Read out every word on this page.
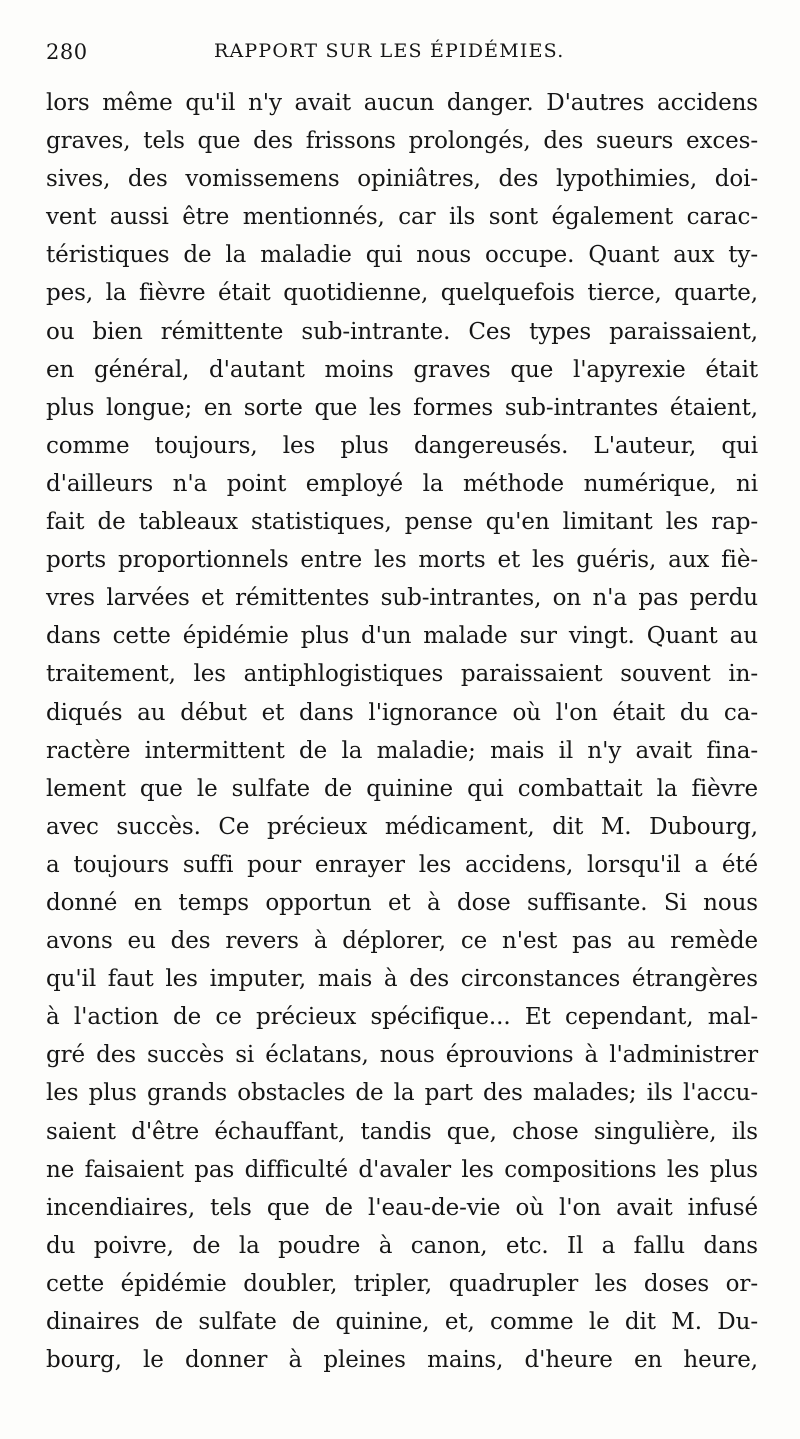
280	RAPPORT SUR LES ÉPIDÉMIES.
lors même qu'il n'y avait aucun danger. D'autres accidens
graves, tels que des frissons prolongés, des sueurs exces-
sives, des vomissemens opiniâtres, des lypothimies, doi-
vent aussi être mentionnés, car ils sont également carac-
téristiques de la maladie qui nous occupe. Quant aux ty-
pes, la fièvre était quotidienne, quelquefois tierce, quarte,
ou bien rémittente sub-intrante. Ces types paraissaient,
en général, d'autant moins graves que l'apyrexie était
plus longue; en sorte que les formes sub-intrantes étaient,
comme toujours, les plus dangereusés. L'auteur, qui
d'ailleurs n'a point employé la méthode numérique, ni
fait de tableaux statistiques, pense qu'en limitant les rap-
ports proportionnels entre les morts et les guéris, aux fiè-
vres larvées et rémittentes sub-intrantes, on n'a pas perdu
dans cette épidémie plus d'un malade sur vingt. Quant au
traitement, les antiphlogistiques paraissaient souvent in-
diqués au début et dans l'ignorance où l'on était du ca-
ractère intermittent de la maladie; mais il n'y avait fina-
lement que le sulfate de quinine qui combattait la fièvre
avec succès. Ce précieux médicament, dit M. Dubourg,
a toujours suffi pour enrayer les accidens, lorsqu'il a été
donné en temps opportun et à dose suffisante. Si nous
avons eu des revers à déplorer, ce n'est pas au remède
qu'il faut les imputer, mais à des circonstances étrangères
à l'action de ce précieux spécifique... Et cependant, mal-
gré des succès si éclatans, nous éprouvions à l'administrer
les plus grands obstacles de la part des malades; ils l'accu-
saient d'être échauffant, tandis que, chose singulière, ils
ne faisaient pas difficulté d'avaler les compositions les plus
incendiaires, tels que de l'eau-de-vie où l'on avait infusé
du poivre, de la poudre à canon, etc. Il a fallu dans
cette épidémie doubler, tripler, quadrupler les doses or-
dinaires de sulfate de quinine, et, comme le dit M. Du-
bourg, le donner à pleines mains, d'heure en heure,
